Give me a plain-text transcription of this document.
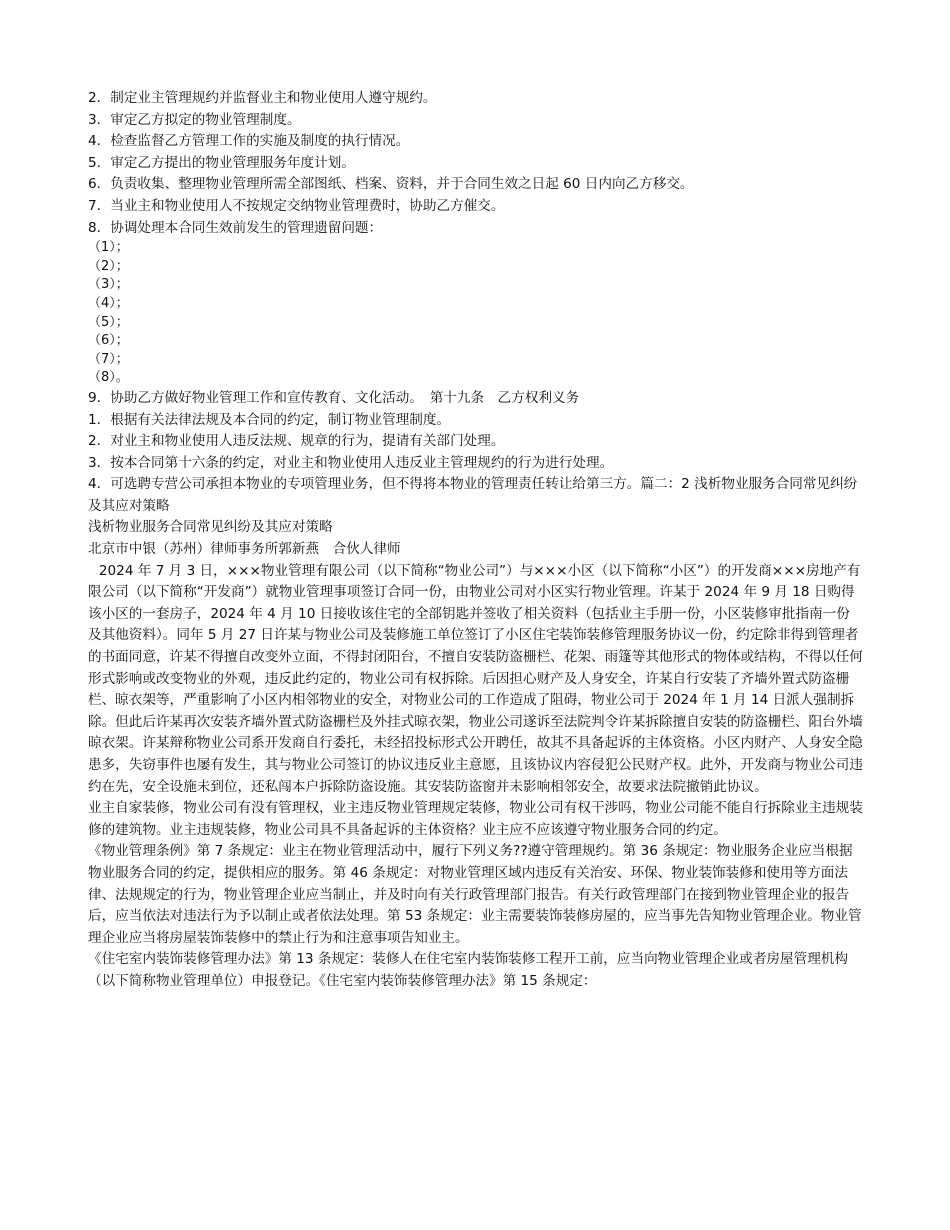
2．制定业主管理规约并监督业主和物业使用人遵守规约。

3．审定乙方拟定的物业管理制度。

4．检查监督乙方管理工作的实施及制度的执行情况。

5．审定乙方提出的物业管理服务年度计划。

6．负责收集、整理物业管理所需全部图纸、档案、资料，并于合同生效之日起 60 日内向乙方移交。

7．当业主和物业使用人不按规定交纳物业管理费时，协助乙方催交。

8．协调处理本合同生效前发生的管理遗留问题：

（1）；

（2）；

（3）；

（4）；

（5）；

（6）；

（7）；

（8）。

9．协助乙方做好物业管理工作和宣传教育、文化活动。　第十九条　乙方权利义务

1．根据有关法律法规及本合同的约定，制订物业管理制度。

2．对业主和物业使用人违反法规、规章的行为，提请有关部门处理。

3．按本合同第十六条的约定，对业主和物业使用人违反业主管理规约的行为进行处理。

4．可选聘专营公司承担本物业的专项管理业务，但不得将本物业的管理责任转让给第三方。篇二：2 浅析物业服务合同常见纠纷及其应对策略

浅析物业服务合同常见纠纷及其应对策略

北京市中银（苏州）律师事务所郭新燕　合伙人律师

2024 年 7 月 3 日，×××物业管理有限公司（以下简称“物业公司”）与×××小区（以下简称“小区”）的开发商×××房地产有限公司（以下简称“开发商”）就物业管理事项签订合同一份，由物业公司对小区实行物业管理。许某于 2024 年 9 月 18 日购得该小区的一套房子，2024 年 4 月 10 日接收该住宅的全部钥匙并签收了相关资料（包括业主手册一份，小区装修审批指南一份及其他资料）。同年 5 月 27 日许某与物业公司及装修施工单位签订了小区住宅装饰装修管理服务协议一份，约定除非得到管理者的书面同意，许某不得擅自改变外立面，不得封闭阳台，不擅自安装防盗栅栏、花架、雨篷等其他形式的物体或结构，不得以任何形式影响或改变物业的外观，违反此约定的，物业公司有权拆除。后因担心财产及人身安全，许某自行安装了齐墙外置式防盗栅栏、晾衣架等，严重影响了小区内相邻物业的安全，对物业公司的工作造成了阻碍，物业公司于 2024 年 1 月 14 日派人强制拆除。但此后许某再次安装齐墙外置式防盗栅栏及外挂式晾衣架，物业公司遂诉至法院判令许某拆除擅自安装的防盗栅栏、阳台外墙晾衣架。许某辩称物业公司系开发商自行委托，未经招投标形式公开聘任，故其不具备起诉的主体资格。小区内财产、人身安全隐患多，失窃事件也屡有发生，其与物业公司签订的协议违反业主意愿，且该协议内容侵犯公民财产权。此外，开发商与物业公司违约在先，安全设施未到位，还私闯本户拆除防盗设施。其安装防盗窗并未影响相邻安全，故要求法院撤销此协议。

业主自家装修，物业公司有没有管理权，业主违反物业管理规定装修，物业公司有权干涉吗，物业公司能不能自行拆除业主违规装修的建筑物。业主违规装修，物业公司具不具备起诉的主体资格？业主应不应该遵守物业服务合同的约定。

《物业管理条例》第 7 条规定：业主在物业管理活动中，履行下列义务??遵守管理规约。第 36 条规定：物业服务企业应当根据物业服务合同的约定，提供相应的服务。第 46 条规定：对物业管理区域内违反有关治安、环保、物业装饰装修和使用等方面法律、法规规定的行为，物业管理企业应当制止，并及时向有关行政管理部门报告。有关行政管理部门在接到物业管理企业的报告后，应当依法对违法行为予以制止或者依法处理。第 53 条规定：业主需要装饰装修房屋的，应当事先告知物业管理企业。物业管理企业应当将房屋装饰装修中的禁止行为和注意事项告知业主。

《住宅室内装饰装修管理办法》第 13 条规定：装修人在住宅室内装饰装修工程开工前，应当向物业管理企业或者房屋管理机构（以下简称物业管理单位）申报登记。《住宅室内装饰装修管理办法》第 15 条规定：
